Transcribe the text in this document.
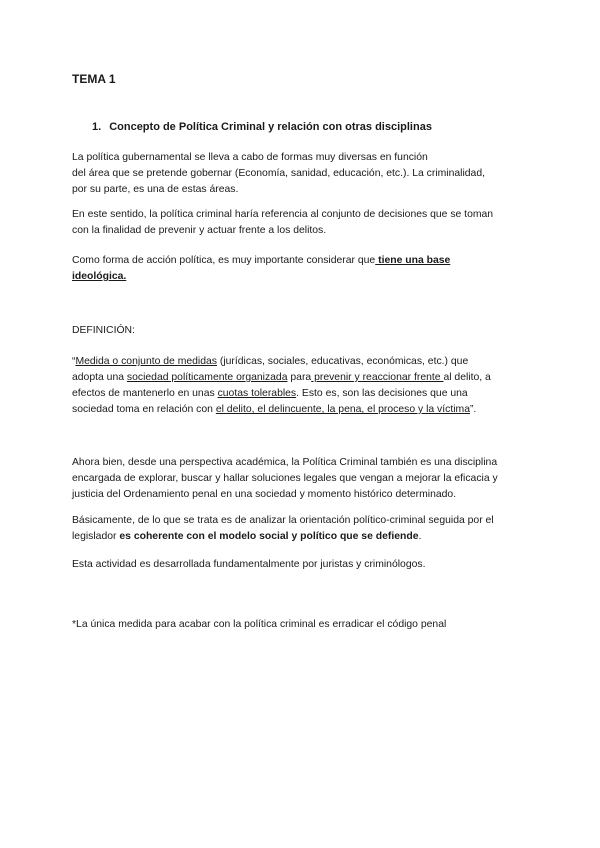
TEMA 1
1. Concepto de Política Criminal y relación con otras disciplinas

La política gubernamental se lleva a cabo de formas muy diversas en función
del área que se pretende gobernar (Economía, sanidad, educación, etc.). La criminalidad,
por su parte, es una de estas áreas.

En este sentido, la política criminal haría referencia al conjunto de decisiones que se toman
con la finalidad de prevenir y actuar frente a los delitos.

Como forma de acción política, es muy importante considerar que tiene una base
ideológica.

DEFINICIÓN:

“Medida o conjunto de medidas (jurídicas, sociales, educativas, económicas, etc.) que
adopta una sociedad políticamente organizada para prevenir y reaccionar frente al delito, a
efectos de mantenerlo en unas cuotas tolerables. Esto es, son las decisiones que una
sociedad toma en relación con el delito, el delincuente, la pena, el proceso y la víctima”.

Ahora bien, desde una perspectiva académica, la Política Criminal también es una disciplina
encargada de explorar, buscar y hallar soluciones legales que vengan a mejorar la eficacia y
justicia del Ordenamiento penal en una sociedad y momento histórico determinado.

Básicamente, de lo que se trata es de analizar la orientación político-criminal seguida por el
legislador es coherente con el modelo social y político que se defiende.

Esta actividad es desarrollada fundamentalmente por juristas y criminólogos.

*La única medida para acabar con la política criminal es erradicar el código penal
